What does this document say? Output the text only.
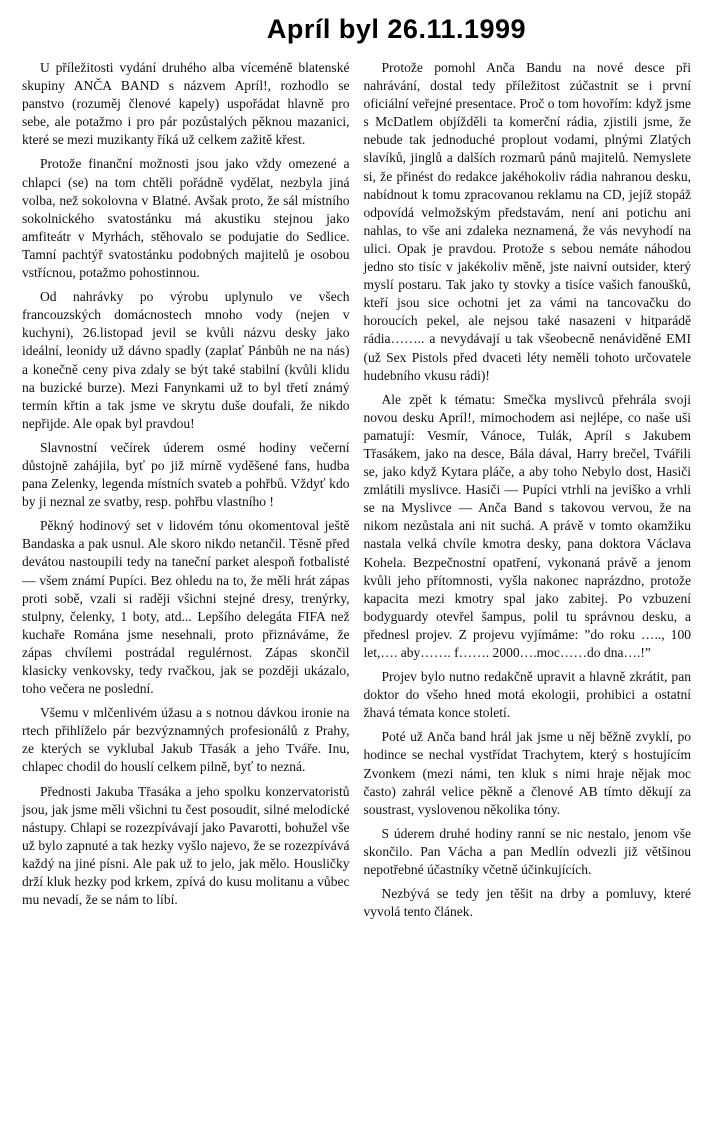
Apríl byl 26.11.1999

U příležitosti vydání druhého alba víceméně blatenské skupiny ANČA BAND s názvem Apríl!, rozhodlo se panstvo (rozuměj členové kapely) uspořádat hlavně pro sebe, ale potažmo i pro pár pozůstalých pěknou mazanici, které se mezi muzikanty říká už celkem zažitě křest.

Protože finanční možnosti jsou jako vždy omezené a chlapci (se) na tom chtěli pořádně vydělat, nezbyla jiná volba, než sokolovna v Blatné. Avšak proto, že sál místního sokolnického svatostánku má akustiku stejnou jako amfiteátr v Myrhách, stěhovalo se podujatie do Sedlice. Tamní pachtýř svatostánku podobných majitelů je osobou vstřícnou, potažmo pohostinnou.

Od nahrávky po výrobu uplynulo ve všech francouzských domácnostech mnoho vody (nejen v kuchyni), 26.listopad jevil se kvůli názvu desky jako ideální, leonidy už dávno spadly (zaplať Pánbůh ne na nás) a konečně ceny piva zdaly se být také stabilní (kvůli klidu na buzické burze). Mezi Fanynkami už to byl třetí známý termín křtin a tak jsme ve skrytu duše doufali, že nikdo nepřijde. Ale opak byl pravdou!

Slavnostní večírek úderem osmé hodiny večerní důstojně zahájila, byť po již mírně vyděšené fans, hudba pana Zelenky, legenda místních svateb a pohřbů. Vždyť kdo by ji neznal ze svatby, resp. pohřbu vlastního !

Pěkný hodinový set v lidovém tónu okomentoval ještě Bandaska a pak usnul. Ale skoro nikdo netančil. Těsně před devátou nastoupili tedy na taneční parket alespoň fotbalisté — všem známí Pupíci. Bez ohledu na to, že měli hrát zápas proti sobě, vzali si raději všichni stejné dresy, trenýrky, stulpny, čelenky, 1 boty, atd... Lepšího delegáta FIFA než kuchaře Romána jsme nesehnali, proto přiznáváme, že zápas chvílemi postrádal regulérnost. Zápas skončil klasicky venkovsky, tedy rvačkou, jak se později ukázalo, toho večera ne poslední.

Všemu v mlčenlivém úžasu a s notnou dávkou ironie na rtech přihlíželo pár bezvýznamných profesionálů z Prahy, ze kterých se vyklubal Jakub Třasák a jeho Tváře. Inu, chlapec chodil do houslí celkem pilně, byť to nezná.

Přednosti Jakuba Třasáka a jeho spolku konzervatoristů jsou, jak jsme měli všichni tu čest posoudit, silné melodické nástupy. Chlapi se rozezpívávají jako Pavarotti, bohužel vše už bylo zapnuté a tak hezky vyšlo najevo, že se rozezpívává každý na jiné písni. Ale pak už to jelo, jak mělo. Housličky drží kluk hezky pod krkem, zpívá do kusu molitanu a vůbec mu nevadí, že se nám to líbí.

Protože pomohl Anča Bandu na nové desce při nahrávání, dostal tedy příležitost zúčastnit se i první oficiální veřejné presentace. Proč o tom hovořím: když jsme s McDatlem objížděli ta komerční rádia, zjistili jsme, že nebude tak jednoduché proplout vodami, plnými Zlatých slavíků, jinglů a dalších rozmarů pánů majitelů. Nemyslete si, že přinést do redakce jakéhokoliv rádia nahranou desku, nabídnout k tomu zpracovanou reklamu na CD, jejíž stopáž odpovídá velmožským představám, není ani potichu ani nahlas, to vše ani zdaleka neznamená, že vás nevyhodí na ulici. Opak je pravdou. Protože s sebou nemáte náhodou jedno sto tisíc v jakékoliv měně, jste naivní outsider, který myslí postaru. Tak jako ty stovky a tisíce vašich fanoušků, kteří jsou sice ochotni jet za vámi na tancovačku do horoucích pekel, ale nejsou také nasazeni v hitparádě rádia…….. a nevydávají u tak všeobecně nenáviděné EMI (už Sex Pistols před dvaceti léty neměli tohoto určovatele hudebního vkusu rádi)!

Ale zpět k tématu: Smečka myslivců přehrála svoji novou desku Apríl!, mimochodem asi nejlépe, co naše uši pamatují: Vesmír, Vánoce, Tulák, Apríl s Jakubem Třasákem, jako na desce, Bála dával, Harry brečel, Tvářili se, jako když Kytara pláče, a aby toho Nebylo dost, Hasiči zmlátili myslivce. Hasiči — Pupíci vtrhli na jeviško a vrhli se na Myslivce — Anča Band s takovou vervou, že na nikom nezůstala ani nit suchá. A právě v tomto okamžiku nastala velká chvíle kmotra desky, pana doktora Václava Kohela. Bezpečnostní opatření, vykonaná právě a jenom kvůli jeho přítomnosti, vyšla nakonec naprázdno, protože kapacita mezi kmotry spal jako zabitej. Po vzbuzení bodyguardy otevřel šampus, polil tu správnou desku, a přednesl projev. Z projevu vyjímáme: ”do roku ….., 100 let,…. aby……. f……. 2000….moc……do dna….!”

Projev bylo nutno redakčně upravit a hlavně zkrátit, pan doktor do všeho hned motá ekologii, prohibici a ostatní žhavá témata konce století.

Poté už Anča band hrál jak jsme u něj běžně zvyklí, po hodince se nechal vystřídat Trachytem, který s hostujícím Zvonkem (mezi námi, ten kluk s nimi hraje nějak moc často) zahrál velice pěkně a členové AB tímto děkují za soustrast, vyslovenou několika tóny.

S úderem druhé hodiny ranní se nic nestalo, jenom vše skončilo. Pan Vácha a pan Medlín odvezli již většinou nepotřebné účastníky včetně účinkujících.

Nezbývá se tedy jen těšit na drby a pomluvy, které vyvolá tento článek.
